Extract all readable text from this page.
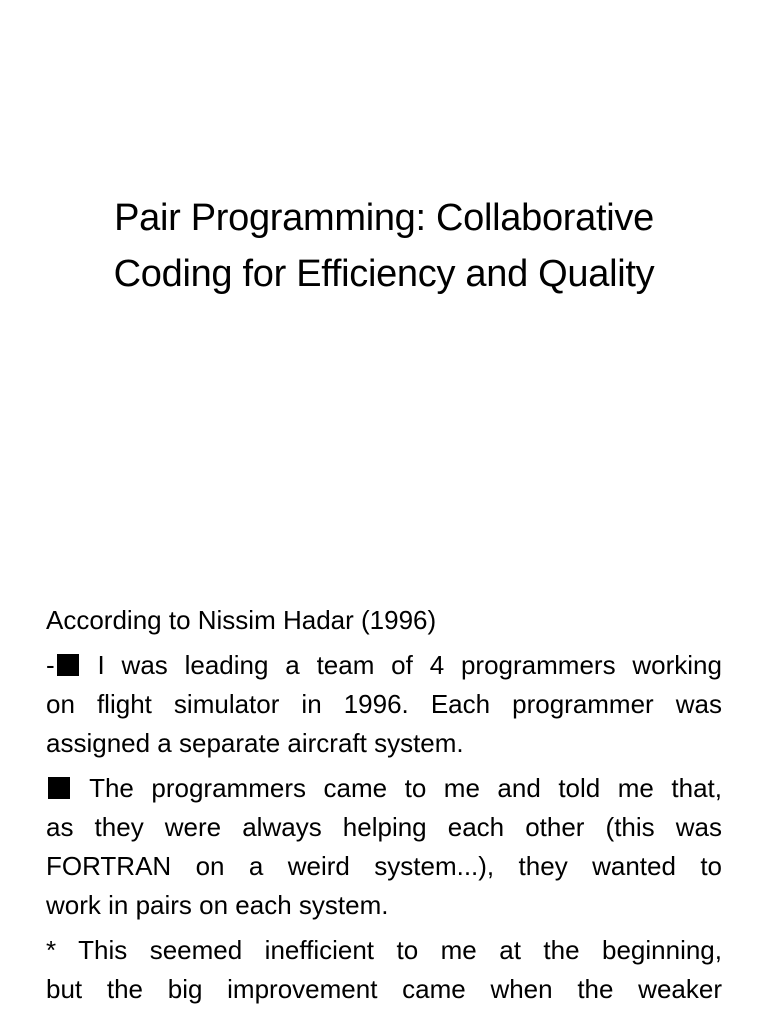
Pair Programming: Collaborative
Coding for Efficiency and Quality
According to Nissim Hadar (1996)
- I was leading a team of 4 programmers working
on flight simulator in 1996. Each programmer was
assigned a separate aircraft system.
The programmers came to me and told me that,
as they were always helping each other (this was
FORTRAN on a weird system...), they wanted to
work in pairs on each system.
* This seemed inefficient to me at the beginning,
but the big improvement came when the weaker
